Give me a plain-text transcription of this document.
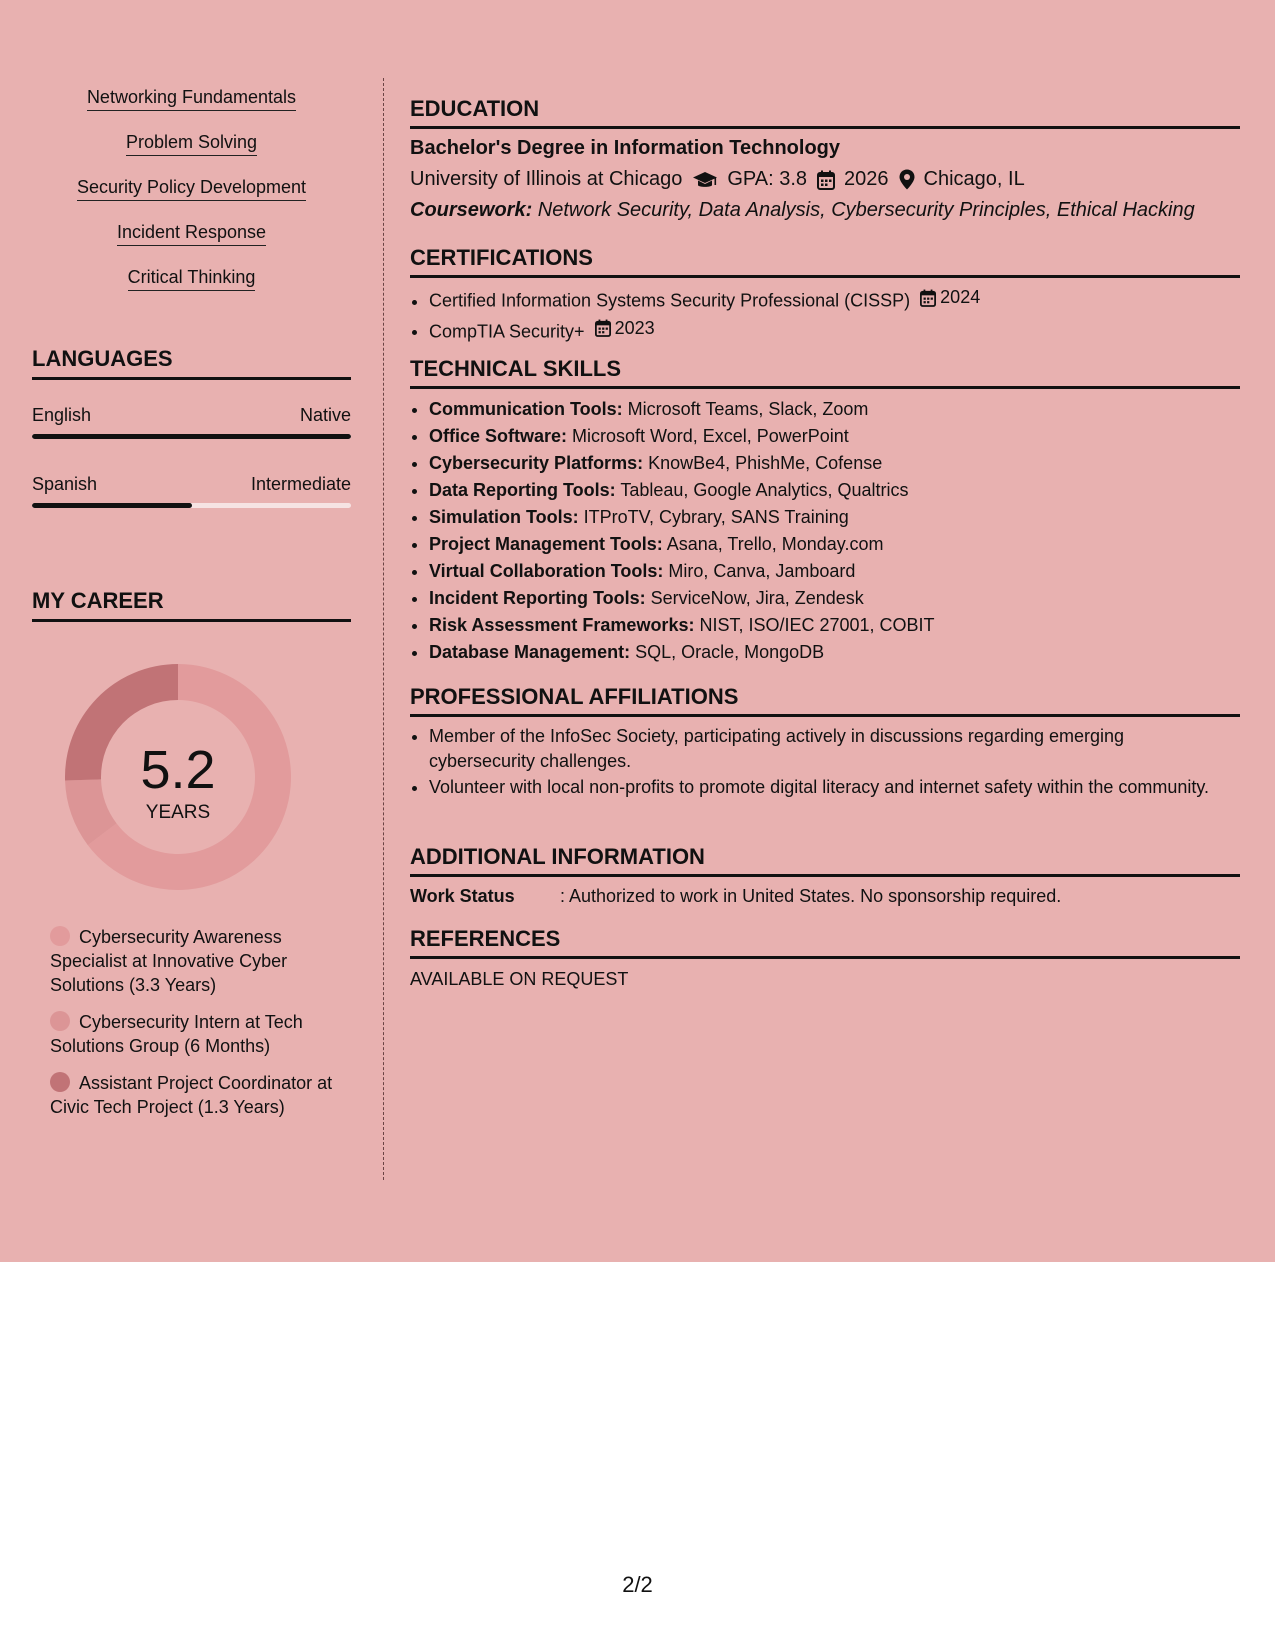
Networking Fundamentals
Problem Solving
Security Policy Development
Incident Response
Critical Thinking
LANGUAGES
English	Native
Spanish	Intermediate
MY CAREER
5.2
YEARS
Cybersecurity Awareness Specialist at Innovative Cyber Solutions (3.3 Years)
Cybersecurity Intern at Tech Solutions Group (6 Months)
Assistant Project Coordinator at Civic Tech Project (1.3 Years)
EDUCATION
Bachelor's Degree in Information Technology
University of Illinois at Chicago GPA: 3.8 2026 Chicago, IL
Coursework: Network Security, Data Analysis, Cybersecurity Principles, Ethical Hacking
CERTIFICATIONS
• Certified Information Systems Security Professional (CISSP) 2024
• CompTIA Security+ 2023
TECHNICAL SKILLS
• Communication Tools: Microsoft Teams, Slack, Zoom
• Office Software: Microsoft Word, Excel, PowerPoint
• Cybersecurity Platforms: KnowBe4, PhishMe, Cofense
• Data Reporting Tools: Tableau, Google Analytics, Qualtrics
• Simulation Tools: ITProTV, Cybrary, SANS Training
• Project Management Tools: Asana, Trello, Monday.com
• Virtual Collaboration Tools: Miro, Canva, Jamboard
• Incident Reporting Tools: ServiceNow, Jira, Zendesk
• Risk Assessment Frameworks: NIST, ISO/IEC 27001, COBIT
• Database Management: SQL, Oracle, MongoDB
PROFESSIONAL AFFILIATIONS
• Member of the InfoSec Society, participating actively in discussions regarding emerging cybersecurity challenges.
• Volunteer with local non-profits to promote digital literacy and internet safety within the community.
ADDITIONAL INFORMATION
Work Status	: Authorized to work in United States. No sponsorship required.
REFERENCES
AVAILABLE ON REQUEST
2/2
